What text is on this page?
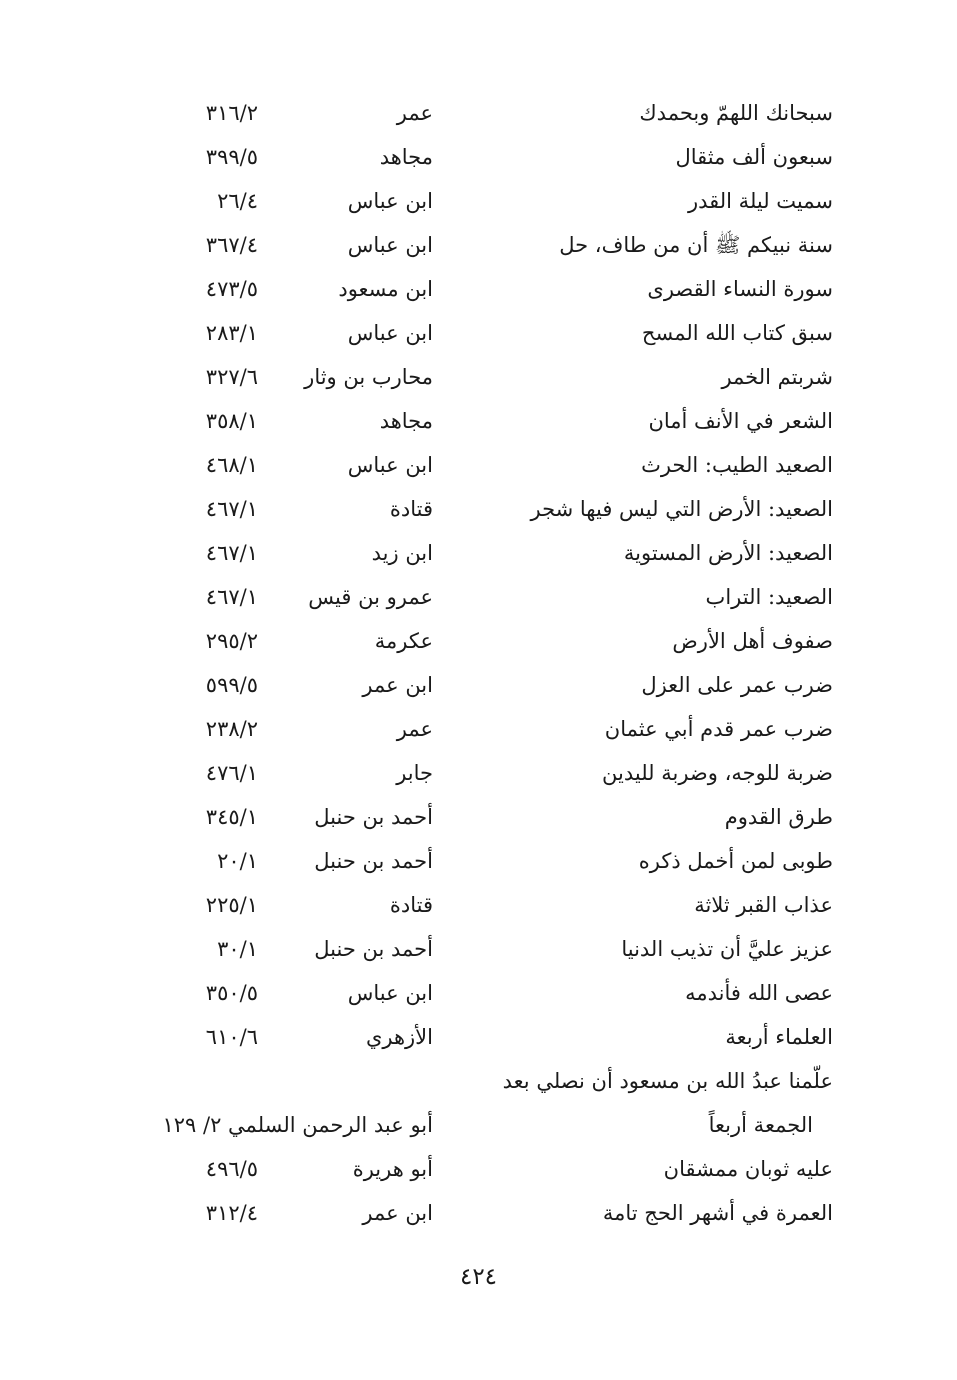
سبحانك اللهمّ وبحمدك
عمر
٣١٦/٢
سبعون ألف مثقال
مجاهد
٣٩٩/٥
سميت ليلة القدر
ابن عباس
٢٦/٤
سنة نبيكم ﷺ أن من طاف، حل
ابن عباس
٣٦٧/٤
سورة النساء القصرى
ابن مسعود
٤٧٣/٥
سبق كتاب الله المسح
ابن عباس
٢٨٣/١
شربتم الخمر
محارب بن وثار
٣٢٧/٦
الشعر في الأنف أمان
مجاهد
٣٥٨/١
الصعيد الطيب: الحرث
ابن عباس
٤٦٨/١
الصعيد: الأرض التي ليس فيها شجر
قتادة
٤٦٧/١
الصعيد: الأرض المستوية
ابن زيد
٤٦٧/١
الصعيد: التراب
عمرو بن قيس
٤٦٧/١
صفوف أهل الأرض
عكرمة
٢٩٥/٢
ضرب عمر على العزل
ابن عمر
٥٩٩/٥
ضرب عمر قدم أبي عثمان
عمر
٢٣٨/٢
ضربة للوجه، وضربة لليدين
جابر
٤٧٦/١
طرق القدوم
أحمد بن حنبل
٣٤٥/١
طوبى لمن أخمل ذكره
أحمد بن حنبل
٢٠/١
عذاب القبر ثلاثة
قتادة
٢٢٥/١
عزيز عليَّ أن تذيب الدنيا
أحمد بن حنبل
٣٠/١
عصى الله فأندمه
ابن عباس
٣٥٠/٥
العلماء أربعة
الأزهري
٦١٠/٦
علّمنا عبدُ الله بن مسعود أن نصلي بعد
الجمعة أربعاً
أبو عبد الرحمن السلمي ٢/ ١٢٩
عليه ثوبان ممشقان
أبو هريرة
٤٩٦/٥
العمرة في أشهر الحج تامة
ابن عمر
٣١٢/٤
٤٢٤
